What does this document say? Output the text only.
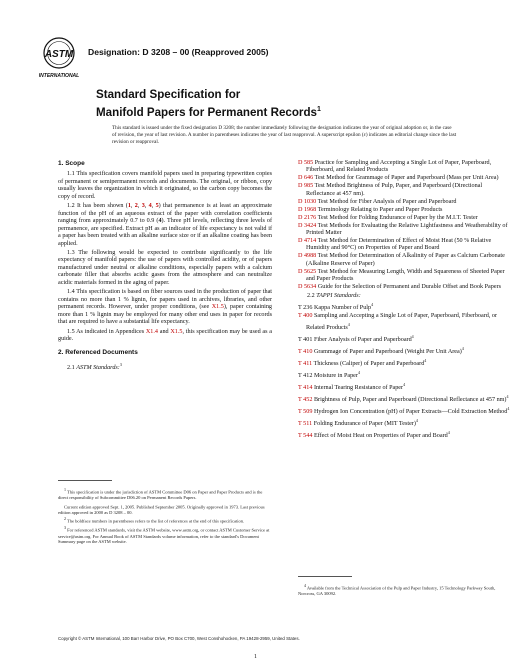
ASTM
INTERNATIONAL
Designation: D 3208 – 00 (Reapproved 2005)
Standard Specification for
Manifold Papers for Permanent Records$^1$
This standard is issued under the fixed designation D 3208; the number immediately following the designation indicates the year of original adoption or, in the case of revision, the year of last revision. A number in parentheses indicates the year of last reapproval. A superscript epsilon (ε) indicates an editorial change since the last revision or reapproval.
1. Scope

1.1 This specification covers manifold papers used in preparing typewritten copies of permanent or semipermanent records and documents. The original, or ribbon, copy usually leaves the organization in which it originated, so the carbon copy becomes the copy of record.

1.2 It has been shown (1, 2, 3, 4, 5) that permanence is at least an approximate function of the pH of an aqueous extract of the paper with correlation coefficients ranging from approximately 0.7 to 0.9 (4). Three pH levels, reflecting three levels of permanence, are specified. Extract pH as an indicator of life expectancy is not valid if a paper has been treated with an alkaline surface size or if an alkaline coating has been applied.

1.3 The following would be expected to contribute significantly to the life expectancy of manifold papers: the use of papers with controlled acidity, or of papers manufactured under neutral or alkaline conditions, especially papers with a calcium carbonate filler that absorbs acidic gases from the atmosphere and can neutralize acidic materials formed in the aging of paper.

1.4 This specification is based on fiber sources used in the production of paper that contains no more than 1 % lignin, for papers used in archives, libraries, and other permanent records. However, under proper conditions, (see X1.5), paper containing more than 1 % lignin may be employed for many other end uses in paper for records that are required to have a substantial life expectancy.

1.5 As indicated in Appendices X1.4 and X1.5, this specification may be used as a guide.

2. Referenced Documents

2.1 ASTM Standards:$^3$

$^1$ This specification is under the jurisdiction of ASTM Committee D06 on Paper and Paper Products and is the direct responsibility of Subcommittee D06.20 on Permanent Records Papers.

Current edition approved Sept. 1, 2005. Published September 2005. Originally approved in 1973. Last previous edition approved in 2000 as D 3208 – 00.

$^2$ The boldface numbers in parentheses refers to the list of references at the end of this specification.

$^3$ For referenced ASTM standards, visit the ASTM website, www.astm.org, or contact ASTM Customer Service at service@astm.org. For Annual Book of ASTM Standards volume information, refer to the standard's Document Summary page on the ASTM website.

D 585 Practice for Sampling and Accepting a Single Lot of Paper, Paperboard, Fiberboard, and Related Products

D 646 Test Method for Grammage of Paper and Paperboard (Mass per Unit Area)

D 985 Test Method Brightness of Pulp, Paper, and Paperboard (Directional Reflectance at 457 nm).

D 1030 Test Method for Fiber Analysis of Paper and Paperboard

D 1968 Terminology Relating to Paper and Paper Products

D 2176 Test Method for Folding Endurance of Paper by the M.I.T. Tester

D 3424 Test Methods for Evaluating the Relative Lightfastness and Weatherability of Printed Matter

D 4714 Test Method for Determination of Effect of Moist Heat (50 % Relative Humidity and 90°C) on Properties of Paper and Board

D 4988 Test Method for Determination of Alkalinity of Paper as Calcium Carbonate (Alkaline Reserve of Paper)

D 5625 Test Method for Measuring Length, Width and Squareness of Sheeted Paper and Paper Products

D 5634 Guide for the Selection of Permanent and Durable Offset and Book Papers

2.2 TAPPI Standards:

T 236 Kappa Number of Pulp$^4$

T 400 Sampling and Accepting a Single Lot of Paper, Paperboard, Fiberboard, or Related Products$^4$

T 401 Fiber Analysis of Paper and Paperboard$^4$

T 410 Grammage of Paper and Paperboard (Weight Per Unit Area)$^4$

T 411 Thickness (Caliper) of Paper and Paperboard$^4$

T 412 Moisture in Paper$^4$

T 414 Internal Tearing Resistance of Paper$^4$

T 452 Brightness of Pulp, Paper and Paperboard (Directional Reflectance at 457 nm)$^4$

T 509 Hydrogen Ion Concentration (pH) of Paper Extracts—Cold Extraction Method$^4$

T 511 Folding Endurance of Paper (MIT Tester)$^4$

T 544 Effect of Moist Heat on Properties of Paper and Board$^4$

$^4$ Available from the Technical Association of the Pulp and Paper Industry, 15 Technology Parkway South, Norcross, GA 30092.

Copyright © ASTM International, 100 Barr Harbor Drive, PO Box C700, West Conshohocken, PA 19428-2959, United States.
1
